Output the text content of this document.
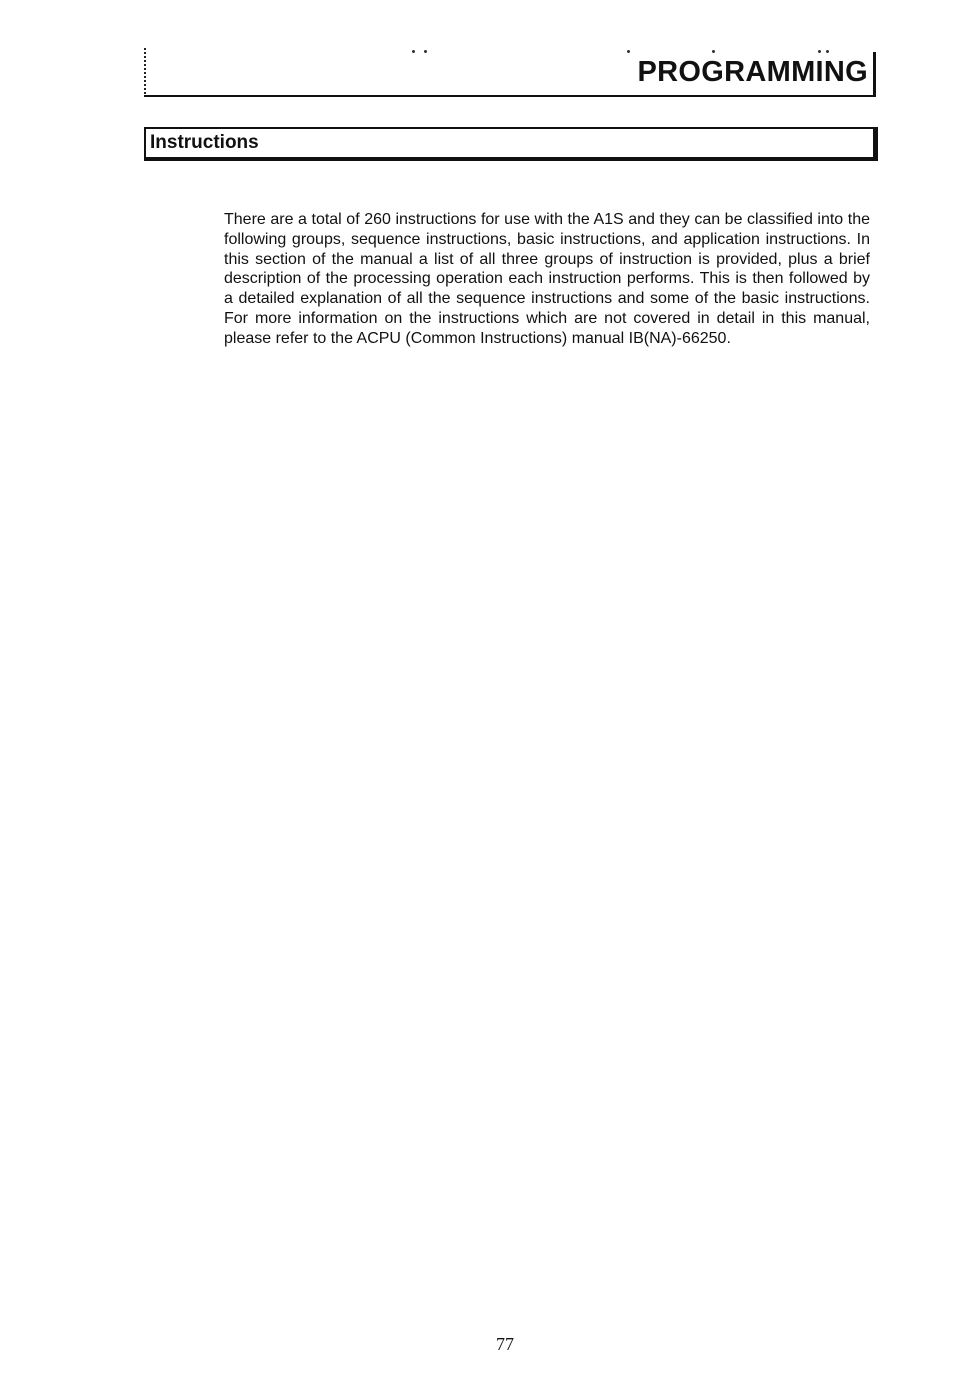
PROGRAMMING
Instructions

There are a total of 260 instructions for use with the A1S and they can be classified into the following groups, sequence instructions, basic instructions, and application instructions. In this section of the manual a list of all three groups of instruction is provided, plus a brief description of the processing operation each instruction performs. This is then followed by a detailed explanation of all the sequence instructions and some of the basic instructions. For more information on the instructions which are not covered in detail in this manual, please refer to the ACPU (Common Instructions) manual IB(NA)-66250.

77
